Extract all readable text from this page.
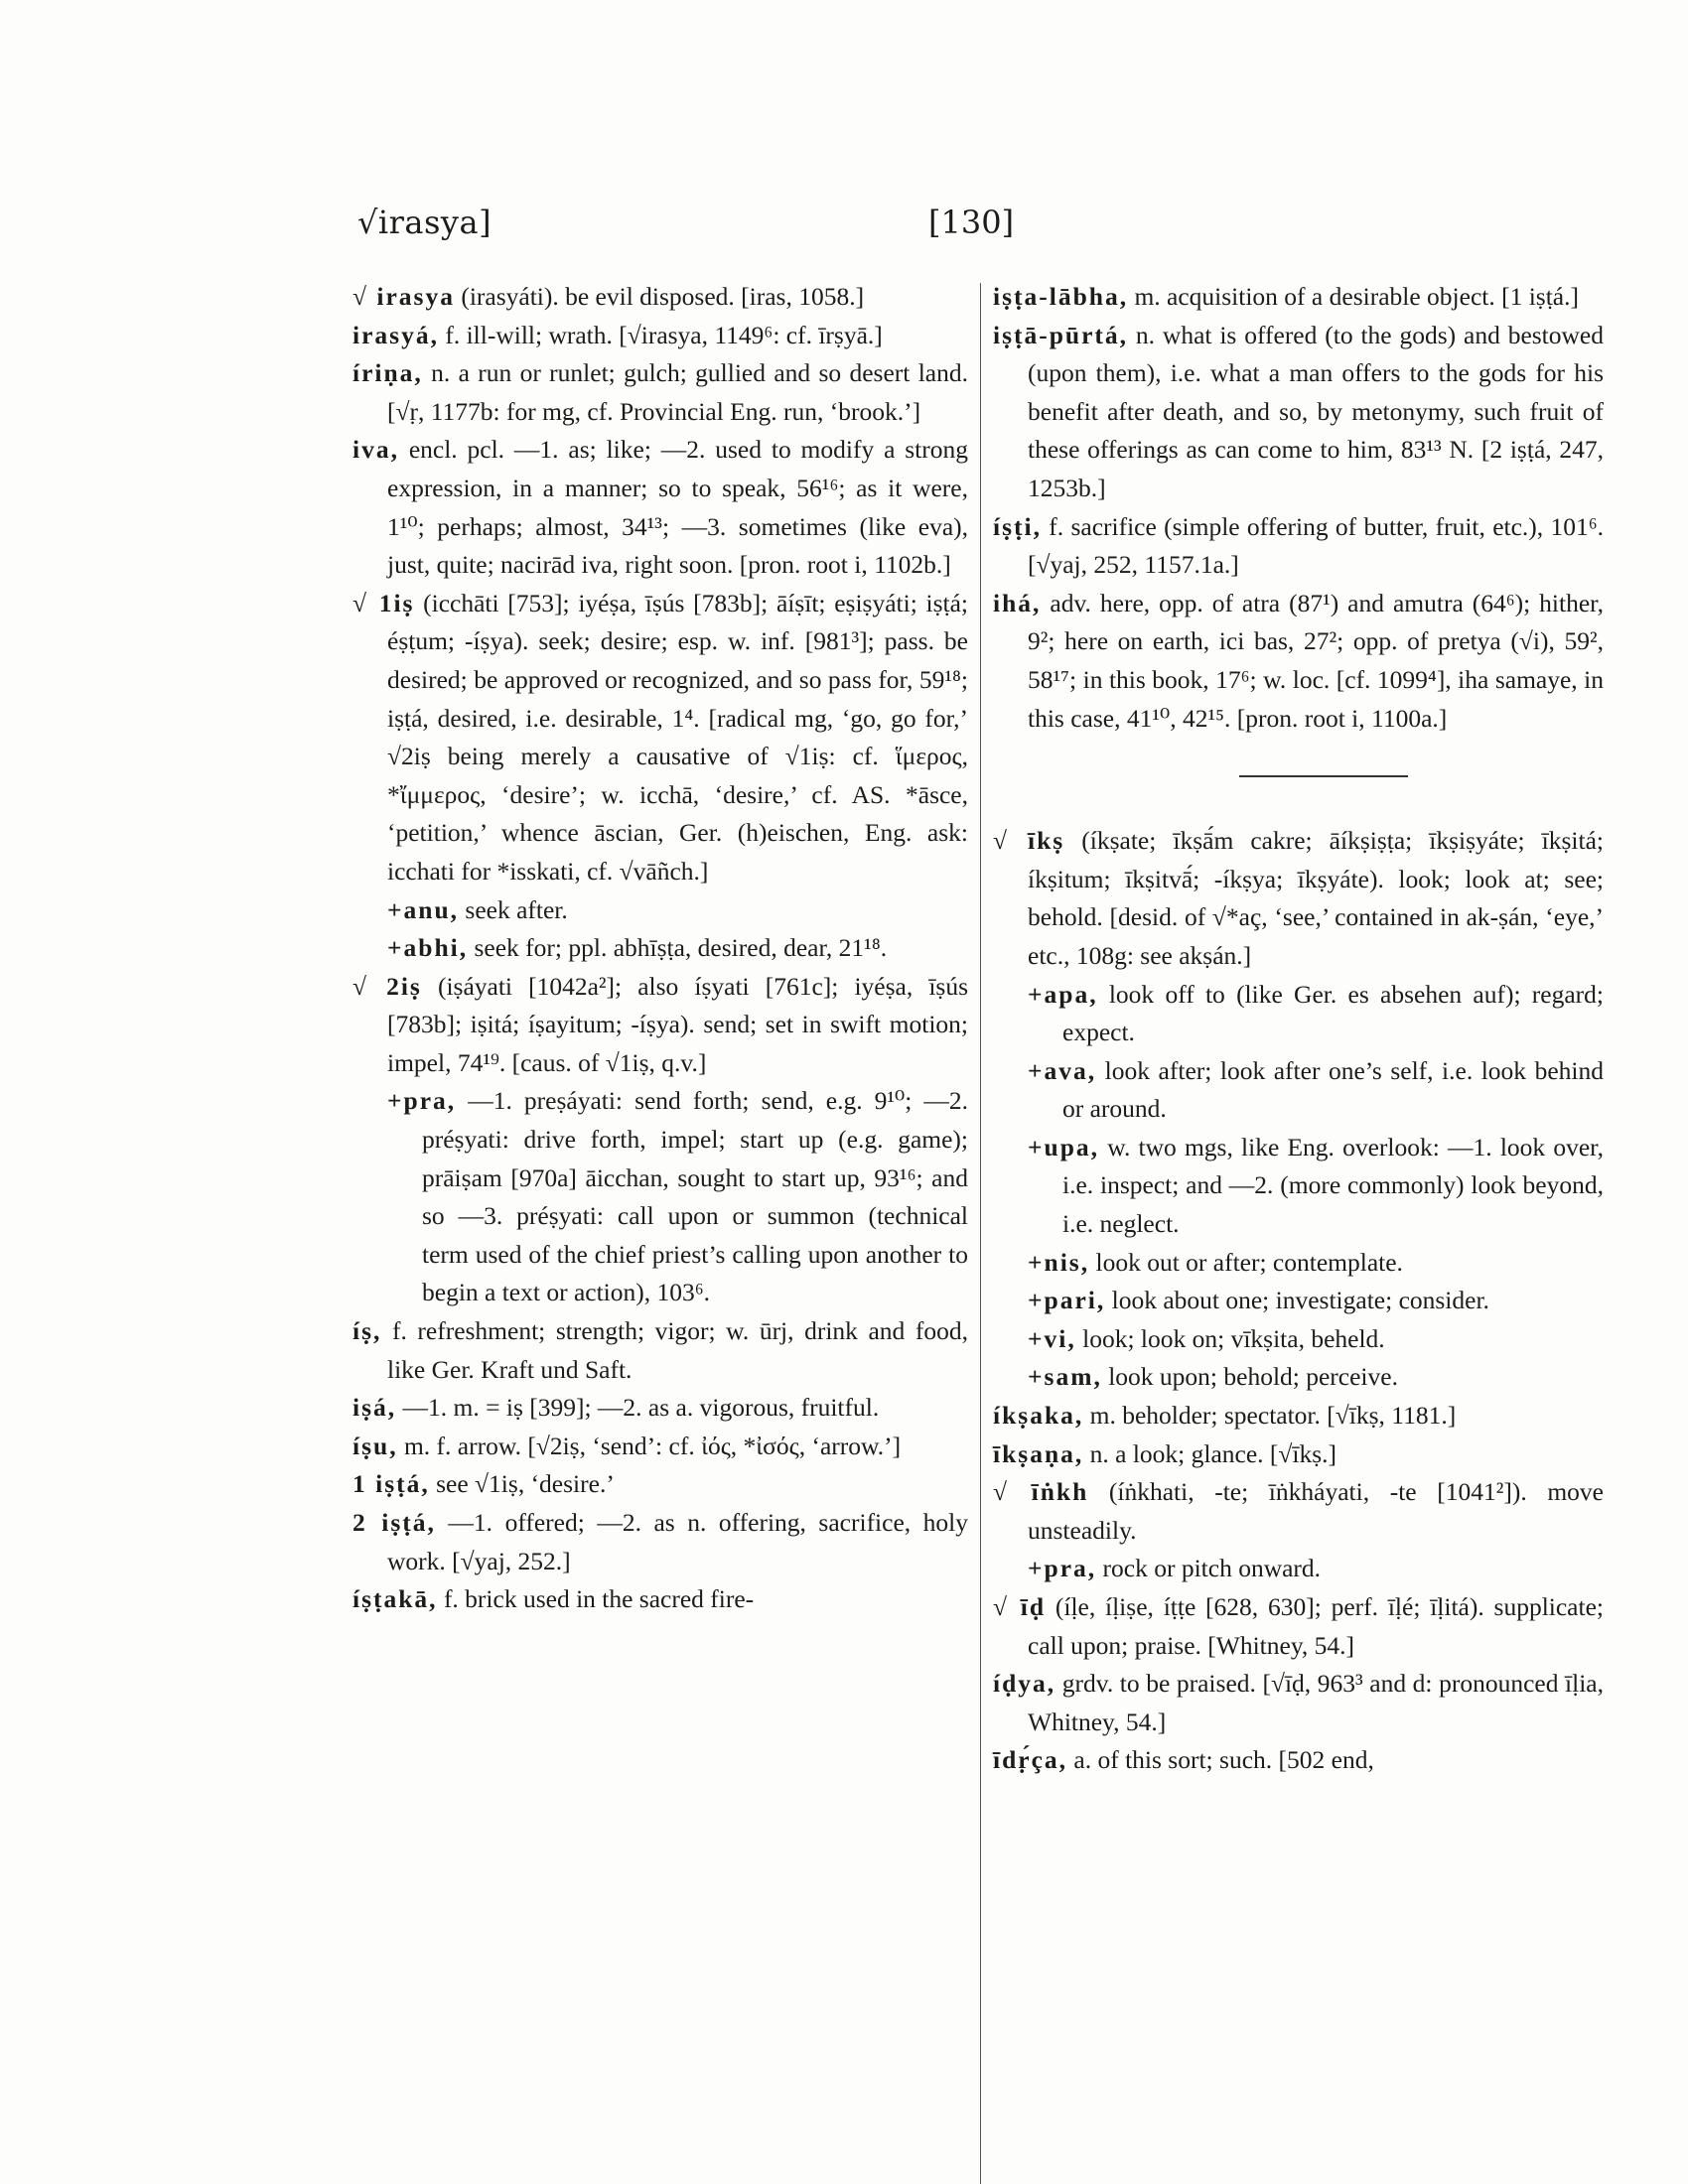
√irasya]	[130]

√ irasya (irasyáti). be evil disposed. [iras, 1058.]

irasyá, f. ill-will; wrath. [√irasya, 1149⁶: cf. īrṣyā.]

íriṇa, n. a run or runlet; gulch; gullied and so desert land. [√ṛ, 1177b: for mg, cf. Provincial Eng. run, ‘brook.’]

iva, encl. pcl. —1. as; like; —2. used to modify a strong expression, in a manner; so to speak, 56¹⁶; as it were, 1¹⁰; perhaps; almost, 34¹³; —3. sometimes (like eva), just, quite; nacirād iva, right soon. [pron. root i, 1102b.]

√ 1iṣ (icchāti [753]; iyéṣa, īṣús [783b]; āíṣīt; eṣiṣyáti; iṣṭá; éṣṭum; -íṣya). seek; desire; esp. w. inf. [981³]; pass. be desired; be approved or recognized, and so pass for, 59¹⁸; iṣṭá, desired, i.e. desirable, 1⁴. [radical mg, ‘go, go for,’ √2iṣ being merely a causative of √1iṣ: cf. ἵμερος, *ἴμμερος, ‘desire’; w. icchā, ‘desire,’ cf. AS. *āsce, ‘petition,’ whence āscian, Ger. (h)eischen, Eng. ask: icchati for *isskati, cf. √vāñch.]

+anu, seek after.

+abhi, seek for; ppl. abhīṣṭa, desired, dear, 21¹⁸.

√ 2iṣ (iṣáyati [1042a²]; also íṣyati [761c]; iyéṣa, īṣús [783b]; iṣitá; íṣayitum; -íṣya). send; set in swift motion; impel, 74¹⁹. [caus. of √1iṣ, q.v.]

+pra, —1. preṣáyati: send forth; send, e.g. 9¹⁰; —2. préṣyati: drive forth, impel; start up (e.g. game); prāiṣam [970a] āicchan, sought to start up, 93¹⁶; and so —3. préṣyati: call upon or summon (technical term used of the chief priest’s calling upon another to begin a text or action), 103⁶.

íṣ, f. refreshment; strength; vigor; w. ūrj, drink and food, like Ger. Kraft und Saft.

iṣá, —1. m. = iṣ [399]; —2. as a. vigorous, fruitful.

íṣu, m. f. arrow. [√2iṣ, ‘send’: cf. ἰός, *ἰσός, ‘arrow.’]

1 iṣṭá, see √1iṣ, ‘desire.’

2 iṣṭá, —1. offered; —2. as n. offering, sacrifice, holy work. [√yaj, 252.]

íṣṭakā, f. brick used in the sacred fire-

iṣṭa-lābha, m. acquisition of a desirable object. [1 iṣṭá.]

iṣṭā-pūrtá, n. what is offered (to the gods) and bestowed (upon them), i.e. what a man offers to the gods for his benefit after death, and so, by metonymy, such fruit of these offerings as can come to him, 83¹³ N. [2 iṣṭá, 247, 1253b.]

íṣṭi, f. sacrifice (simple offering of butter, fruit, etc.), 101⁶. [√yaj, 252, 1157.1a.]

ihá, adv. here, opp. of atra (87¹) and amutra (64⁶); hither, 9²; here on earth, ici bas, 27²; opp. of pretya (√i), 59², 58¹⁷; in this book, 17⁶; w. loc. [cf. 1099⁴], iha samaye, in this case, 41¹⁰, 42¹⁵. [pron. root i, 1100a.]

√ īkṣ (íkṣate; īkṣā́m cakre; āíkṣiṣṭa; īkṣiṣyáte; īkṣitá; íkṣitum; īkṣitvā́; -íkṣya; īkṣyáte). look; look at; see; behold. [desid. of √*aç, ‘see,’ contained in ak-ṣán, ‘eye,’ etc., 108g: see akṣán.]

+apa, look off to (like Ger. es absehen auf); regard; expect.

+ava, look after; look after one’s self, i.e. look behind or around.

+upa, w. two mgs, like Eng. overlook: —1. look over, i.e. inspect; and —2. (more commonly) look beyond, i.e. neglect.

+nis, look out or after; contemplate.

+pari, look about one; investigate; consider.

+vi, look; look on; vīkṣita, beheld.

+sam, look upon; behold; perceive.

íkṣaka, m. beholder; spectator. [√īkṣ, 1181.]

īkṣaṇa, n. a look; glance. [√īkṣ.]

√ īṅkh (íṅkhati, -te; īṅkháyati, -te [1041²]). move unsteadily.

+pra, rock or pitch onward.

√ īḍ (íḷe, íḷiṣe, íṭṭe [628, 630]; perf. īḷé; īḷitá). supplicate; call upon; praise. [Whitney, 54.]

íḍya, grdv. to be praised. [√īḍ, 963³ and d: pronounced īḷia, Whitney, 54.]

īdṛ́ça, a. of this sort; such. [502 end,
